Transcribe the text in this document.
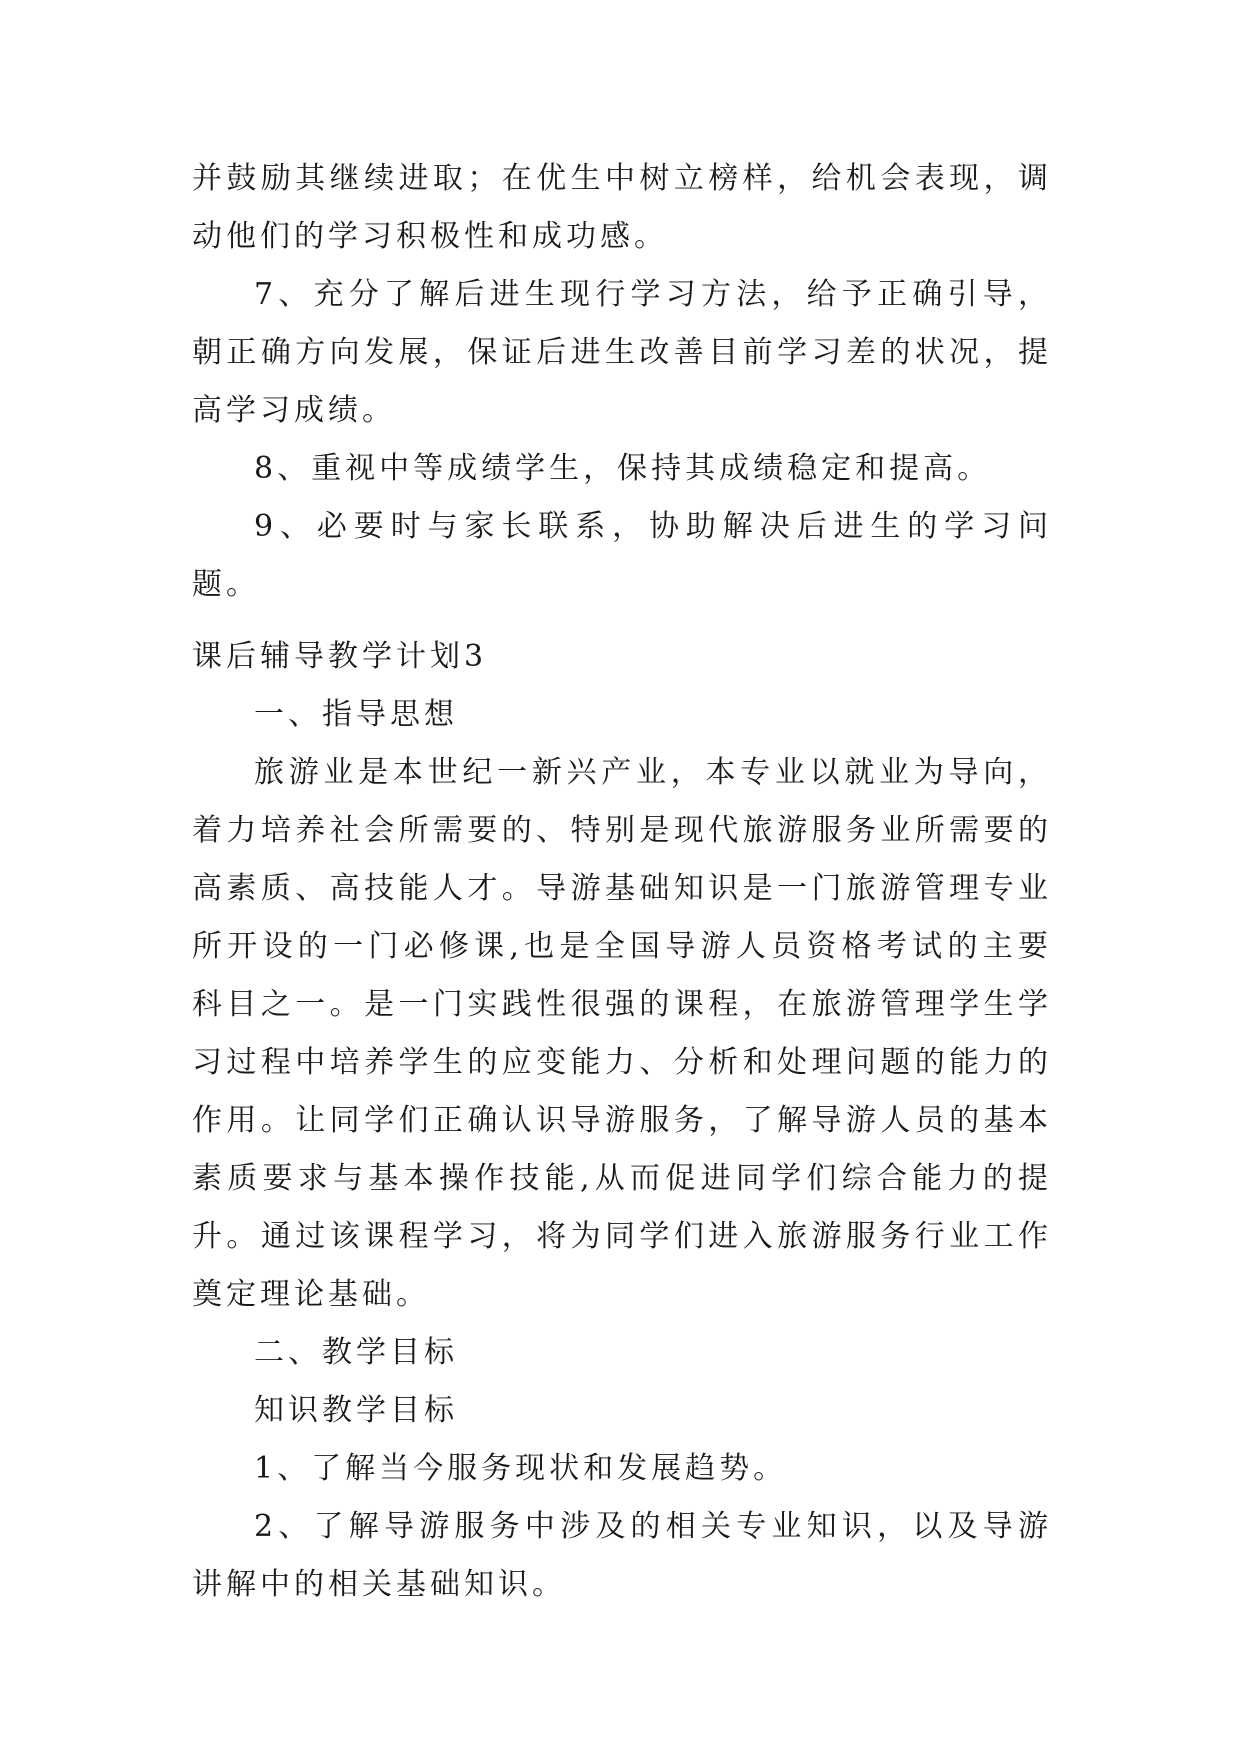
并鼓励其继续进取；在优生中树立榜样，给机会表现，调动他们的学习积极性和成功感。

7、充分了解后进生现行学习方法，给予正确引导，朝正确方向发展，保证后进生改善目前学习差的状况，提高学习成绩。

8、重视中等成绩学生，保持其成绩稳定和提高。

9、必要时与家长联系，协助解决后进生的学习问题。

课后辅导教学计划3

一、指导思想

旅游业是本世纪一新兴产业，本专业以就业为导向，着力培养社会所需要的、特别是现代旅游服务业所需要的高素质、高技能人才。导游基础知识是一门旅游管理专业所开设的一门必修课,也是全国导游人员资格考试的主要科目之一。是一门实践性很强的课程，在旅游管理学生学习过程中培养学生的应变能力、分析和处理问题的能力的作用。让同学们正确认识导游服务，了解导游人员的基本素质要求与基本操作技能,从而促进同学们综合能力的提升。通过该课程学习，将为同学们进入旅游服务行业工作奠定理论基础。

二、教学目标

知识教学目标

1、了解当今服务现状和发展趋势。

2、了解导游服务中涉及的相关专业知识，以及导游讲解中的相关基础知识。
